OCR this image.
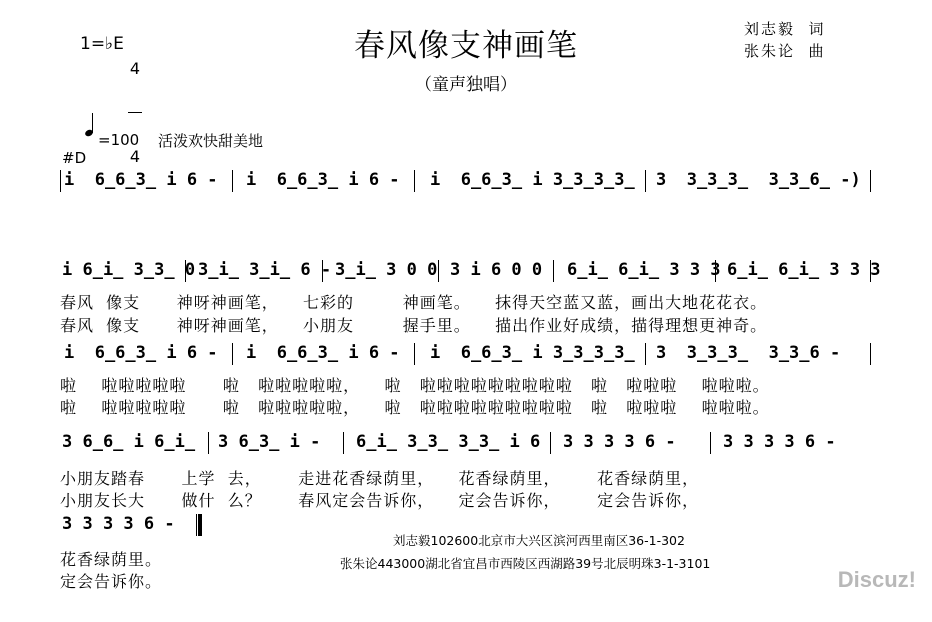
春风像支神画笔
（童声独唱）
1=♭E

4

4

刘志毅  词
张朱论  曲
=100 活泼欢快甜美地
#D

i  6̲6̲3̲ i 6 -

i  6̲6̲3̲ i 6 -

i  6̲6̲3̲ i 3̲3̲3̲3̲

3  3̲3̲3̲  3̲3̲6̲ -)

i 6̲i̲ 3̲3̲ 0

3̲i̲ 3̲i̲ 6 -

3̲i̲ 3 0 0

3 i 6 0 0

6̲i̲ 6̲i̲ 3 3 3

6̲i̲ 6̲i̲ 3 3 3

春风  像支      神呀神画笔，    七彩的        神画笔。    抹得天空蓝又蓝，画出大地花花衣。
春风  像支      神呀神画笔，    小朋友        握手里。    描出作业好成绩，描得理想更神奇。

i  6̲6̲3̲ i 6 -

i  6̲6̲3̲ i 6 -

i  6̲6̲3̲ i 3̲3̲3̲3̲

3  3̲3̲3̲  3̲3̲6 -

啦    啦啦啦啦啦      啦   啦啦啦啦啦，    啦   啦啦啦啦啦啦啦啦啦   啦   啦啦啦    啦啦啦。
啦    啦啦啦啦啦      啦   啦啦啦啦啦，    啦   啦啦啦啦啦啦啦啦啦   啦   啦啦啦    啦啦啦。

3 6̲6̲ i 6̲i̲

3 6̲3̲ i -

6̲i̲ 3̲3̲ 3̲3̲ i 6

3 3 3 3 6 -

	3 3 3 3 6 -

小朋友踏春      上学  去，      走进花香绿荫里，    花香绿荫里，      花香绿荫里，
小朋友长大      做什  么？      春风定会告诉你，    定会告诉你，      定会告诉你，

3 3 3 3 6 -

花香绿荫里。
定会告诉你。
刘志毅102600北京市大兴区滨河西里南区36-1-302
张朱论443000湖北省宜昌市西陵区西湖路39号北辰明珠3-1-3101
Discuz!
